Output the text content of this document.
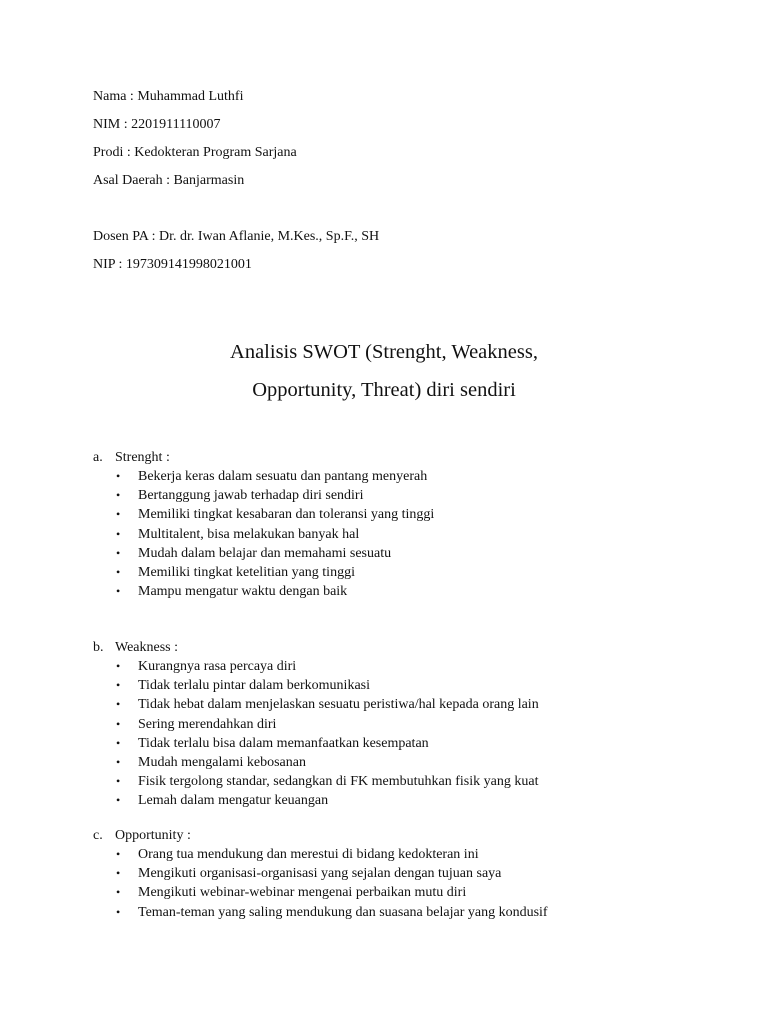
Nama : Muhammad Luthfi
NIM : 2201911110007
Prodi : Kedokteran Program Sarjana
Asal Daerah : Banjarmasin
Dosen PA : Dr. dr. Iwan Aflanie, M.Kes., Sp.F., SH
NIP : 197309141998021001
Analisis SWOT (Strenght, Weakness,
Opportunity, Threat) diri sendiri
a. Strenght :
• Bekerja keras dalam sesuatu dan pantang menyerah
• Bertanggung jawab terhadap diri sendiri
• Memiliki tingkat kesabaran dan toleransi yang tinggi
• Multitalent, bisa melakukan banyak hal
• Mudah dalam belajar dan memahami sesuatu
• Memiliki tingkat ketelitian yang tinggi
• Mampu mengatur waktu dengan baik
b. Weakness :
• Kurangnya rasa percaya diri
• Tidak terlalu pintar dalam berkomunikasi
• Tidak hebat dalam menjelaskan sesuatu peristiwa/hal kepada orang lain
• Sering merendahkan diri
• Tidak terlalu bisa dalam memanfaatkan kesempatan
• Mudah mengalami kebosanan
• Fisik tergolong standar, sedangkan di FK membutuhkan fisik yang kuat
• Lemah dalam mengatur keuangan
c. Opportunity :
• Orang tua mendukung dan merestui di bidang kedokteran ini
• Mengikuti organisasi-organisasi yang sejalan dengan tujuan saya
• Mengikuti webinar-webinar mengenai perbaikan mutu diri
• Teman-teman yang saling mendukung dan suasana belajar yang kondusif
